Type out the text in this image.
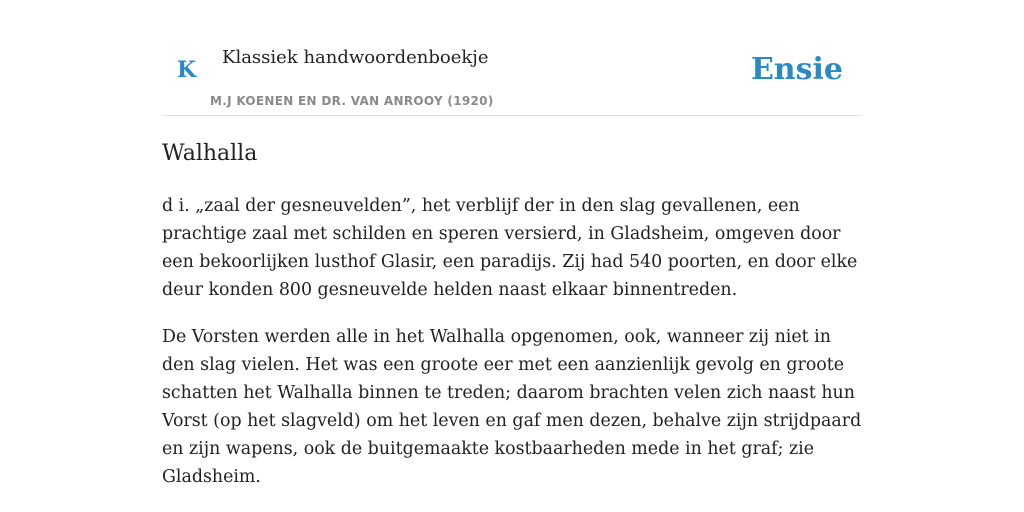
K Klassiek handwoordenboekje
M.J KOENEN EN DR. VAN ANROOY (1920)
Ensie
Walhalla

d i. „zaal der gesneuvelden”, het verblijf der in den slag gevallenen, een prachtige zaal met schilden en speren versierd, in Gladsheim, omgeven door een bekoorlijken lusthof Glasir, een paradijs. Zij had 540 poorten, en door elke deur konden 800 gesneuvelde helden naast elkaar binnentreden.

De Vorsten werden alle in het Walhalla opgenomen, ook, wanneer zij niet in den slag vielen. Het was een groote eer met een aanzienlijk gevolg en groote schatten het Walhalla binnen te treden; daarom brachten velen zich naast hun Vorst (op het slagveld) om het leven en gaf men dezen, behalve zijn strijdpaard en zijn wapens, ook de buitgemaakte kostbaarheden mede in het graf; zie Gladsheim.
